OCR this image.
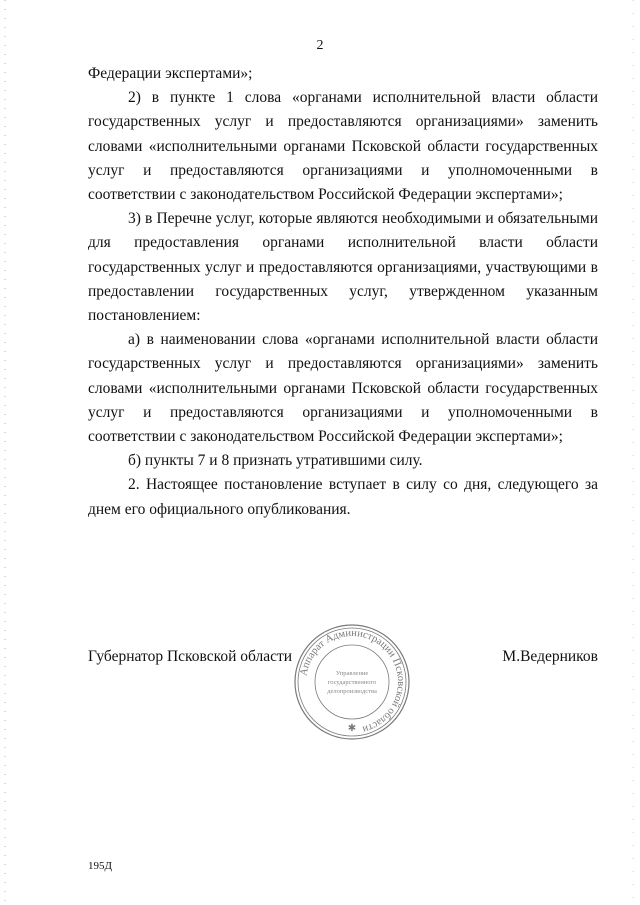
2

Федерации экспертами»;

2) в пункте 1 слова «органами исполнительной власти области государственных услуг и предоставляются организациями» заменить словами «исполнительными органами Псковской области государственных услуг и предоставляются организациями и уполномоченными в соответствии с законодательством Российской Федерации экспертами»;

3) в Перечне услуг, которые являются необходимыми и обязательными для предоставления органами исполнительной власти области государственных услуг и предоставляются организациями, участвующими в предоставлении государственных услуг, утвержденном указанным постановлением:

а) в наименовании слова «органами исполнительной власти области государственных услуг и предоставляются организациями» заменить словами «исполнительными органами Псковской области государственных услуг и предоставляются организациями и уполномоченными в соответствии с законодательством Российской Федерации экспертами»;

б) пункты 7 и 8 признать утратившими силу.

2. Настоящее постановление вступает в силу со дня, следующего за днем его официального опубликования.

Губернатор Псковской области	М.Ведерников
Аппарат Администрации Псковской области
Управление
государственного
делопроизводства
✱
195Д
